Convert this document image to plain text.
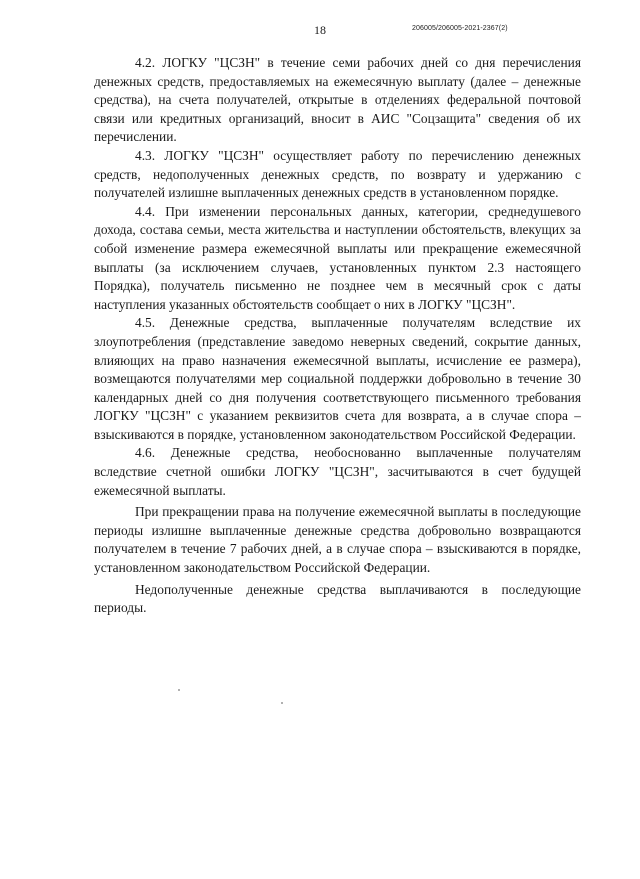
18	206005/206005-2021-2367(2)

4.2. ЛОГКУ "ЦСЗН" в течение семи рабочих дней со дня перечисления денежных средств, предоставляемых на ежемесячную выплату (далее – денежные средства), на счета получателей, открытые в отделениях федеральной почтовой связи или кредитных организаций, вносит в АИС "Соцзащита" сведения об их перечислении.

4.3. ЛОГКУ "ЦСЗН" осуществляет работу по перечислению денежных средств, недополученных денежных средств, по возврату и удержанию с получателей излишне выплаченных денежных средств в установленном порядке.

4.4. При изменении персональных данных, категории, среднедушевого дохода, состава семьи, места жительства и наступлении обстоятельств, влекущих за собой изменение размера ежемесячной выплаты или прекращение ежемесячной выплаты (за исключением случаев, установленных пунктом 2.3 настоящего Порядка), получатель письменно не позднее чем в месячный срок с даты наступления указанных обстоятельств сообщает о них в ЛОГКУ "ЦСЗН".

4.5. Денежные средства, выплаченные получателям вследствие их злоупотребления (представление заведомо неверных сведений, сокрытие данных, влияющих на право назначения ежемесячной выплаты, исчисление ее размера), возмещаются получателями мер социальной поддержки добровольно в течение 30 календарных дней со дня получения соответствующего письменного требования ЛОГКУ "ЦСЗН" с указанием реквизитов счета для возврата, а в случае спора – взыскиваются в порядке, установленном законодательством Российской Федерации.

4.6. Денежные средства, необоснованно выплаченные получателям вследствие счетной ошибки ЛОГКУ "ЦСЗН", засчитываются в счет будущей ежемесячной выплаты.

При прекращении права на получение ежемесячной выплаты в последующие периоды излишне выплаченные денежные средства добровольно возвращаются получателем в течение 7 рабочих дней, а в случае спора – взыскиваются в порядке, установленном законодательством Российской Федерации.

Недополученные денежные средства выплачиваются в последующие периоды.
